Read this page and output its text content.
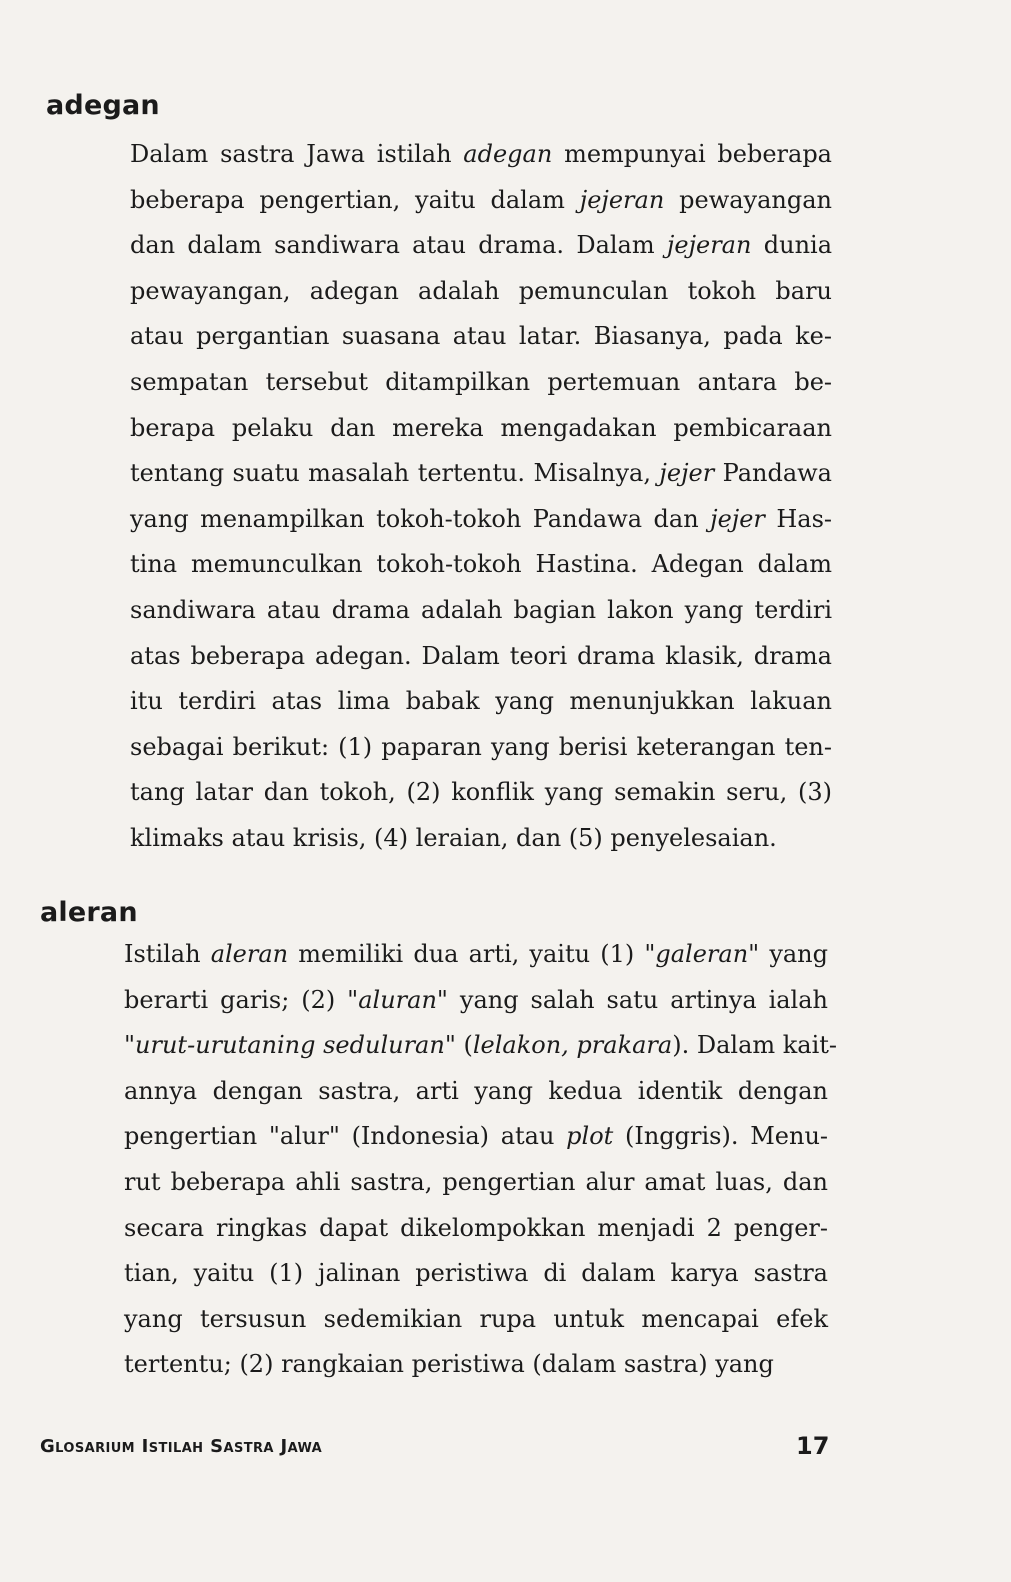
adegan

Dalam sastra Jawa istilah adegan mempunyai beberapa
beberapa pengertian, yaitu dalam jejeran pewayangan
dan dalam sandiwara atau drama. Dalam jejeran dunia
pewayangan, adegan adalah pemunculan tokoh baru
atau pergantian suasana atau latar. Biasanya, pada ke-
sempatan tersebut ditampilkan pertemuan antara be-
berapa pelaku dan mereka mengadakan pembicaraan
tentang suatu masalah tertentu. Misalnya, jejer Pandawa
yang menampilkan tokoh-tokoh Pandawa dan jejer Has-
tina memunculkan tokoh-tokoh Hastina. Adegan dalam
sandiwara atau drama adalah bagian lakon yang terdiri
atas beberapa adegan. Dalam teori drama klasik, drama
itu terdiri atas lima babak yang menunjukkan lakuan
sebagai berikut: (1) paparan yang berisi keterangan ten-
tang latar dan tokoh, (2) konflik yang semakin seru, (3)
klimaks atau krisis, (4) leraian, dan (5) penyelesaian.

aleran

Istilah aleran memiliki dua arti, yaitu (1) "galeran" yang
berarti garis; (2) "aluran" yang salah satu artinya ialah
"urut-urutaning seduluran" (lelakon, prakara). Dalam kait-
annya dengan sastra, arti yang kedua identik dengan
pengertian "alur" (Indonesia) atau plot (Inggris). Menu-
rut beberapa ahli sastra, pengertian alur amat luas, dan
secara ringkas dapat dikelompokkan menjadi 2 penger-
tian, yaitu (1) jalinan peristiwa di dalam karya sastra
yang tersusun sedemikian rupa untuk mencapai efek
tertentu; (2) rangkaian peristiwa (dalam sastra) yang

Glosarium Istilah Sastra Jawa	17
